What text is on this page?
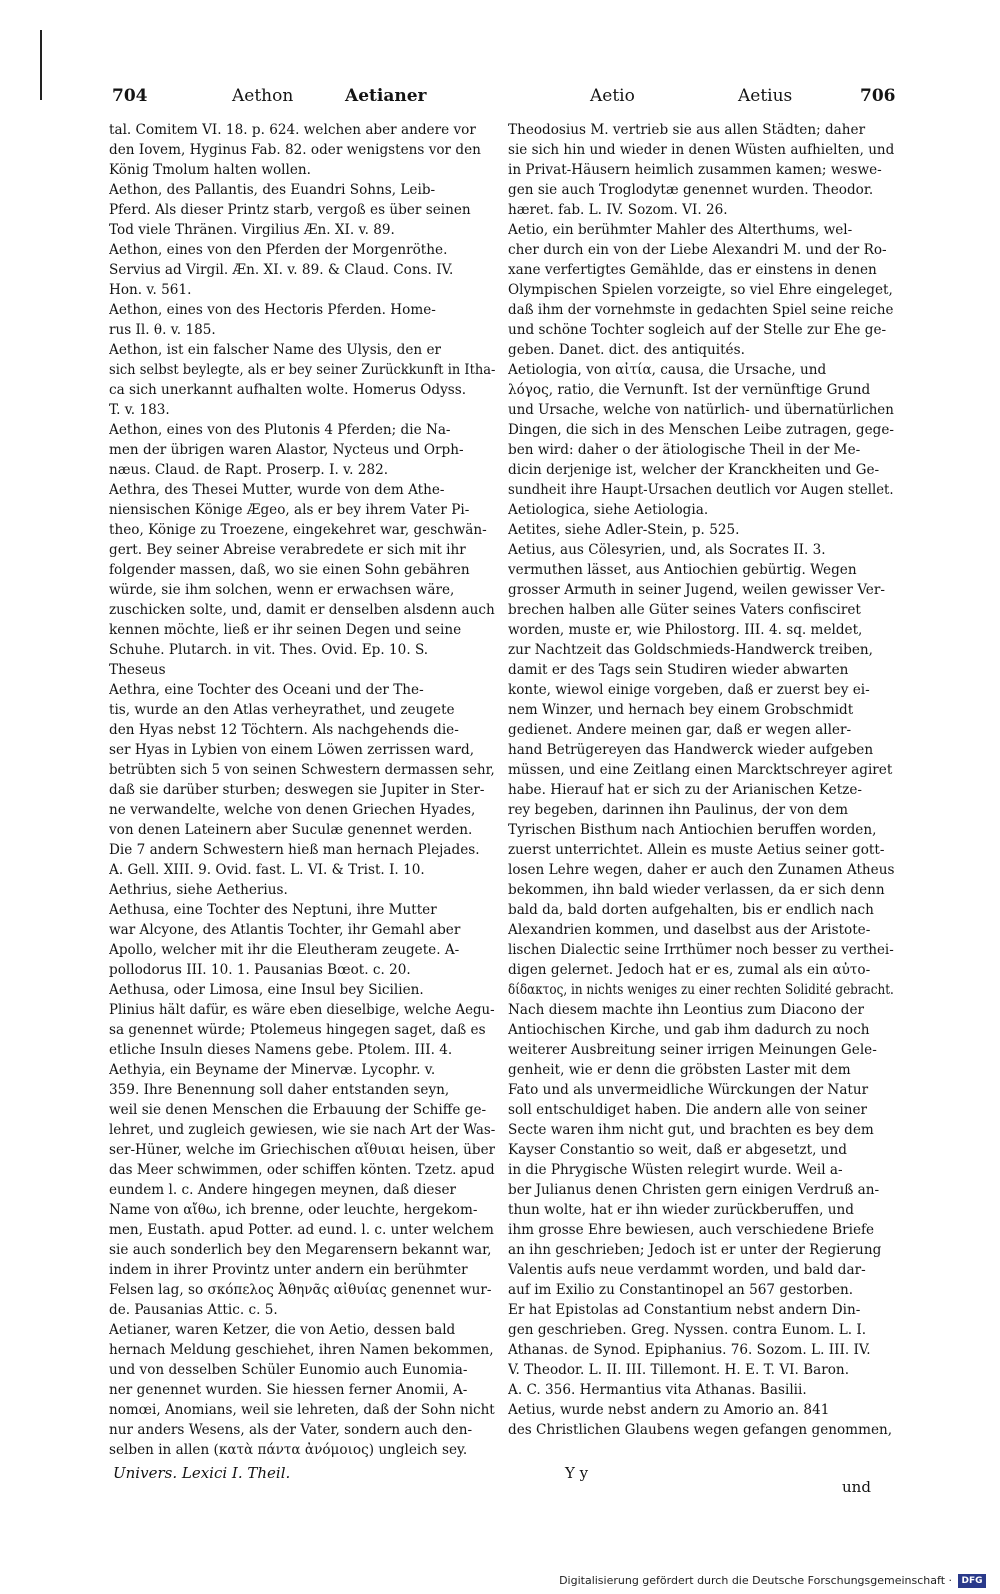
704	Aethon	Aetianer	Aetio	Aetius	706
tal. Comitem VI. 18. p. 624. welchen aber andere vor
den Iovem, Hyginus Fab. 82. oder wenigstens vor den
König Tmolum halten wollen.
Aethon, des Pallantis, des Euandri Sohns, Leib-
Pferd. Als dieser Printz starb, vergoß es über seinen
Tod viele Thränen. Virgilius Æn. XI. v. 89.
Aethon, eines von den Pferden der Morgenröthe.
Servius ad Virgil. Æn. XI. v. 89. & Claud. Cons. IV.
Hon. v. 561.
Aethon, eines von des Hectoris Pferden. Home-
rus Il. θ. v. 185.
Aethon, ist ein falscher Name des Ulysis, den er
sich selbst beylegte, als er bey seiner Zurückkunft in Itha-
ca sich unerkannt aufhalten wolte. Homerus Odyss.
T. v. 183.
Aethon, eines von des Plutonis 4 Pferden; die Na-
men der übrigen waren Alastor, Nycteus und Orph-
næus. Claud. de Rapt. Proserp. I. v. 282.
Aethra, des Thesei Mutter, wurde von dem Athe-
niensischen Könige Ægeo, als er bey ihrem Vater Pi-
theo, Könige zu Troezene, eingekehret war, geschwän-
gert. Bey seiner Abreise verabredete er sich mit ihr
folgender massen, daß, wo sie einen Sohn gebähren
würde, sie ihm solchen, wenn er erwachsen wäre,
zuschicken solte, und, damit er denselben alsdenn auch
kennen möchte, ließ er ihr seinen Degen und seine
Schuhe. Plutarch. in vit. Thes. Ovid. Ep. 10. S.
Theseus
Aethra, eine Tochter des Oceani und der The-
tis, wurde an den Atlas verheyrathet, und zeugete
den Hyas nebst 12 Töchtern. Als nachgehends die-
ser Hyas in Lybien von einem Löwen zerrissen ward,
betrübten sich 5 von seinen Schwestern dermassen sehr,
daß sie darüber sturben; deswegen sie Jupiter in Ster-
ne verwandelte, welche von denen Griechen Hyades,
von denen Lateinern aber Suculæ genennet werden.
Die 7 andern Schwestern hieß man hernach Plejades.
A. Gell. XIII. 9. Ovid. fast. L. VI. & Trist. I. 10.
Aethrius, siehe Aetherius.
Aethusa, eine Tochter des Neptuni, ihre Mutter
war Alcyone, des Atlantis Tochter, ihr Gemahl aber
Apollo, welcher mit ihr die Eleutheram zeugete. A-
pollodorus III. 10. 1. Pausanias Bœot. c. 20.
Aethusa, oder Limosa, eine Insul bey Sicilien.
Plinius hält dafür, es wäre eben dieselbige, welche Aegu-
sa genennet würde; Ptolemeus hingegen saget, daß es
etliche Insuln dieses Namens gebe. Ptolem. III. 4.
Aethyia, ein Beyname der Minervæ. Lycophr. v.
359. Ihre Benennung soll daher entstanden seyn,
weil sie denen Menschen die Erbauung der Schiffe ge-
lehret, und zugleich gewiesen, wie sie nach Art der Was-
ser-Hüner, welche im Griechischen αἴθυιαι heisen, über
das Meer schwimmen, oder schiffen könten. Tzetz. apud
eundem l. c. Andere hingegen meynen, daß dieser
Name von αἴθω, ich brenne, oder leuchte, hergekom-
men, Eustath. apud Potter. ad eund. l. c. unter welchem
sie auch sonderlich bey den Megarensern bekannt war,
indem in ihrer Provintz unter andern ein berühmter
Felsen lag, so σκόπελος Ἀθηνᾶς αἰθυίας genennet wur-
de. Pausanias Attic. c. 5.
Aetianer, waren Ketzer, die von Aetio, dessen bald
hernach Meldung geschiehet, ihren Namen bekommen,
und von desselben Schüler Eunomio auch Eunomia-
ner genennet wurden. Sie hiessen ferner Anomii, A-
nomœi, Anomians, weil sie lehreten, daß der Sohn nicht
nur anders Wesens, als der Vater, sondern auch den-
selben in allen (κατὰ πάντα ἀνόμοιος) ungleich sey.
Theodosius M. vertrieb sie aus allen Städten; daher
sie sich hin und wieder in denen Wüsten aufhielten, und
in Privat-Häusern heimlich zusammen kamen; weswe-
gen sie auch Troglodytæ genennet wurden. Theodor.
hæret. fab. L. IV. Sozom. VI. 26.
Aetio, ein berühmter Mahler des Alterthums, wel-
cher durch ein von der Liebe Alexandri M. und der Ro-
xane verfertigtes Gemählde, das er einstens in denen
Olympischen Spielen vorzeigte, so viel Ehre eingeleget,
daß ihm der vornehmste in gedachten Spiel seine reiche
und schöne Tochter sogleich auf der Stelle zur Ehe ge-
geben. Danet. dict. des antiquités.
Aetiologia, von αἰτία, causa, die Ursache, und
λόγος, ratio, die Vernunft. Ist der vernünftige Grund
und Ursache, welche von natürlich- und übernatürlichen
Dingen, die sich in des Menschen Leibe zutragen, gege-
ben wird: daher o der ätiologische Theil in der Me-
dicin derjenige ist, welcher der Kranckheiten und Ge-
sundheit ihre Haupt-Ursachen deutlich vor Augen stellet.
Aetiologica, siehe Aetiologia.
Aetites, siehe Adler-Stein, p. 525.
Aetius, aus Cölesyrien, und, als Socrates II. 3.
vermuthen lässet, aus Antiochien gebürtig. Wegen
grosser Armuth in seiner Jugend, weilen gewisser Ver-
brechen halben alle Güter seines Vaters confisciret
worden, muste er, wie Philostorg. III. 4. sq. meldet,
zur Nachtzeit das Goldschmieds-Handwerck treiben,
damit er des Tags sein Studiren wieder abwarten
konte, wiewol einige vorgeben, daß er zuerst bey ei-
nem Winzer, und hernach bey einem Grobschmidt
gedienet. Andere meinen gar, daß er wegen aller-
hand Betrügereyen das Handwerck wieder aufgeben
müssen, und eine Zeitlang einen Marcktschreyer agiret
habe. Hierauf hat er sich zu der Arianischen Ketze-
rey begeben, darinnen ihn Paulinus, der von dem
Tyrischen Bisthum nach Antiochien beruffen worden,
zuerst unterrichtet. Allein es muste Aetius seiner gott-
losen Lehre wegen, daher er auch den Zunamen Atheus
bekommen, ihn bald wieder verlassen, da er sich denn
bald da, bald dorten aufgehalten, bis er endlich nach
Alexandrien kommen, und daselbst aus der Aristote-
lischen Dialectic seine Irrthümer noch besser zu verthei-
digen gelernet. Jedoch hat er es, zumal als ein αὐτο-
δίδακτος, in nichts weniges zu einer rechten Solidité gebracht.
Nach diesem machte ihn Leontius zum Diacono der
Antiochischen Kirche, und gab ihm dadurch zu noch
weiterer Ausbreitung seiner irrigen Meinungen Gele-
genheit, wie er denn die gröbsten Laster mit dem
Fato und als unvermeidliche Würckungen der Natur
soll entschuldiget haben. Die andern alle von seiner
Secte waren ihm nicht gut, und brachten es bey dem
Kayser Constantio so weit, daß er abgesetzt, und
in die Phrygische Wüsten relegirt wurde. Weil a-
ber Julianus denen Christen gern einigen Verdruß an-
thun wolte, hat er ihn wieder zurückberuffen, und
ihm grosse Ehre bewiesen, auch verschiedene Briefe
an ihn geschrieben; Jedoch ist er unter der Regierung
Valentis aufs neue verdammt worden, und bald dar-
auf im Exilio zu Constantinopel an 567 gestorben.
Er hat Epistolas ad Constantium nebst andern Din-
gen geschrieben. Greg. Nyssen. contra Eunom. L. I.
Athanas. de Synod. Epiphanius. 76. Sozom. L. III. IV.
V. Theodor. L. II. III. Tillemont. H. E. T. VI. Baron.
A. C. 356. Hermantius vita Athanas. Basilii.
Aetius, wurde nebst andern zu Amorio an. 841
des Christlichen Glaubens wegen gefangen genommen,
Univers. Lexici I. Theil.	Y y
und
Digitalisierung gefördert durch die Deutsche Forschungsgemeinschaft ·	DFG
